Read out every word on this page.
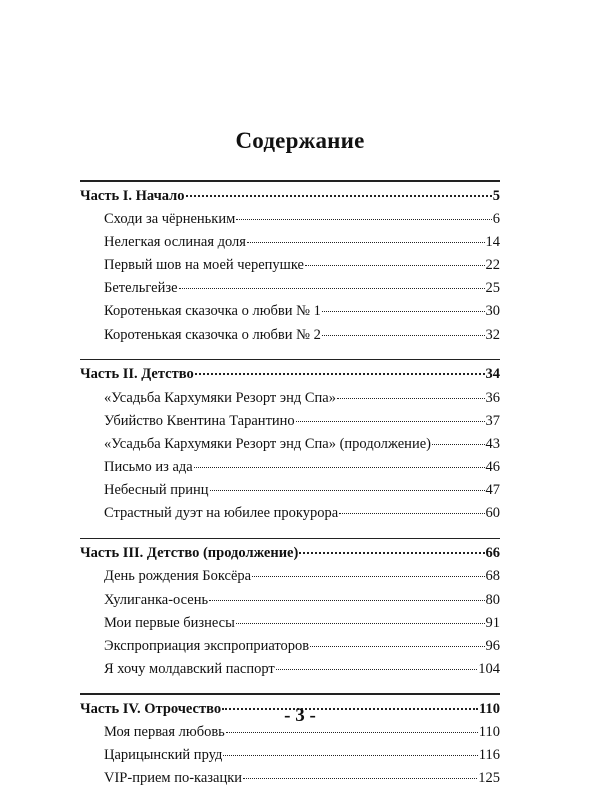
Содержание
Часть I. Начало	5
Сходи за чёрненьким	6
Нелегкая ослиная доля	14
Первый шов на моей черепушке	22
Бетельгейзе	25
Коротенькая сказочка о любви № 1	30
Коротенькая сказочка о любви № 2	32
Часть II. Детство	34
«Усадьба Кархумяки Резорт энд Спа»	36
Убийство Квентина Тарантино	37
«Усадьба Кархумяки Резорт энд Спа» (продолжение)	43
Письмо из ада	46
Небесный принц	47
Страстный дуэт на юбилее прокурора	60
Часть III. Детство (продолжение)	66
День рождения Боксёра	68
Хулиганка-осень	80
Мои первые бизнесы	91
Экспроприация экспроприаторов	96
Я хочу молдавский паспорт	104
Часть IV. Отрочество	110
Моя первая любовь	110
Царицынский пруд	116
VIP-прием по-казацки	125
- 3 -
